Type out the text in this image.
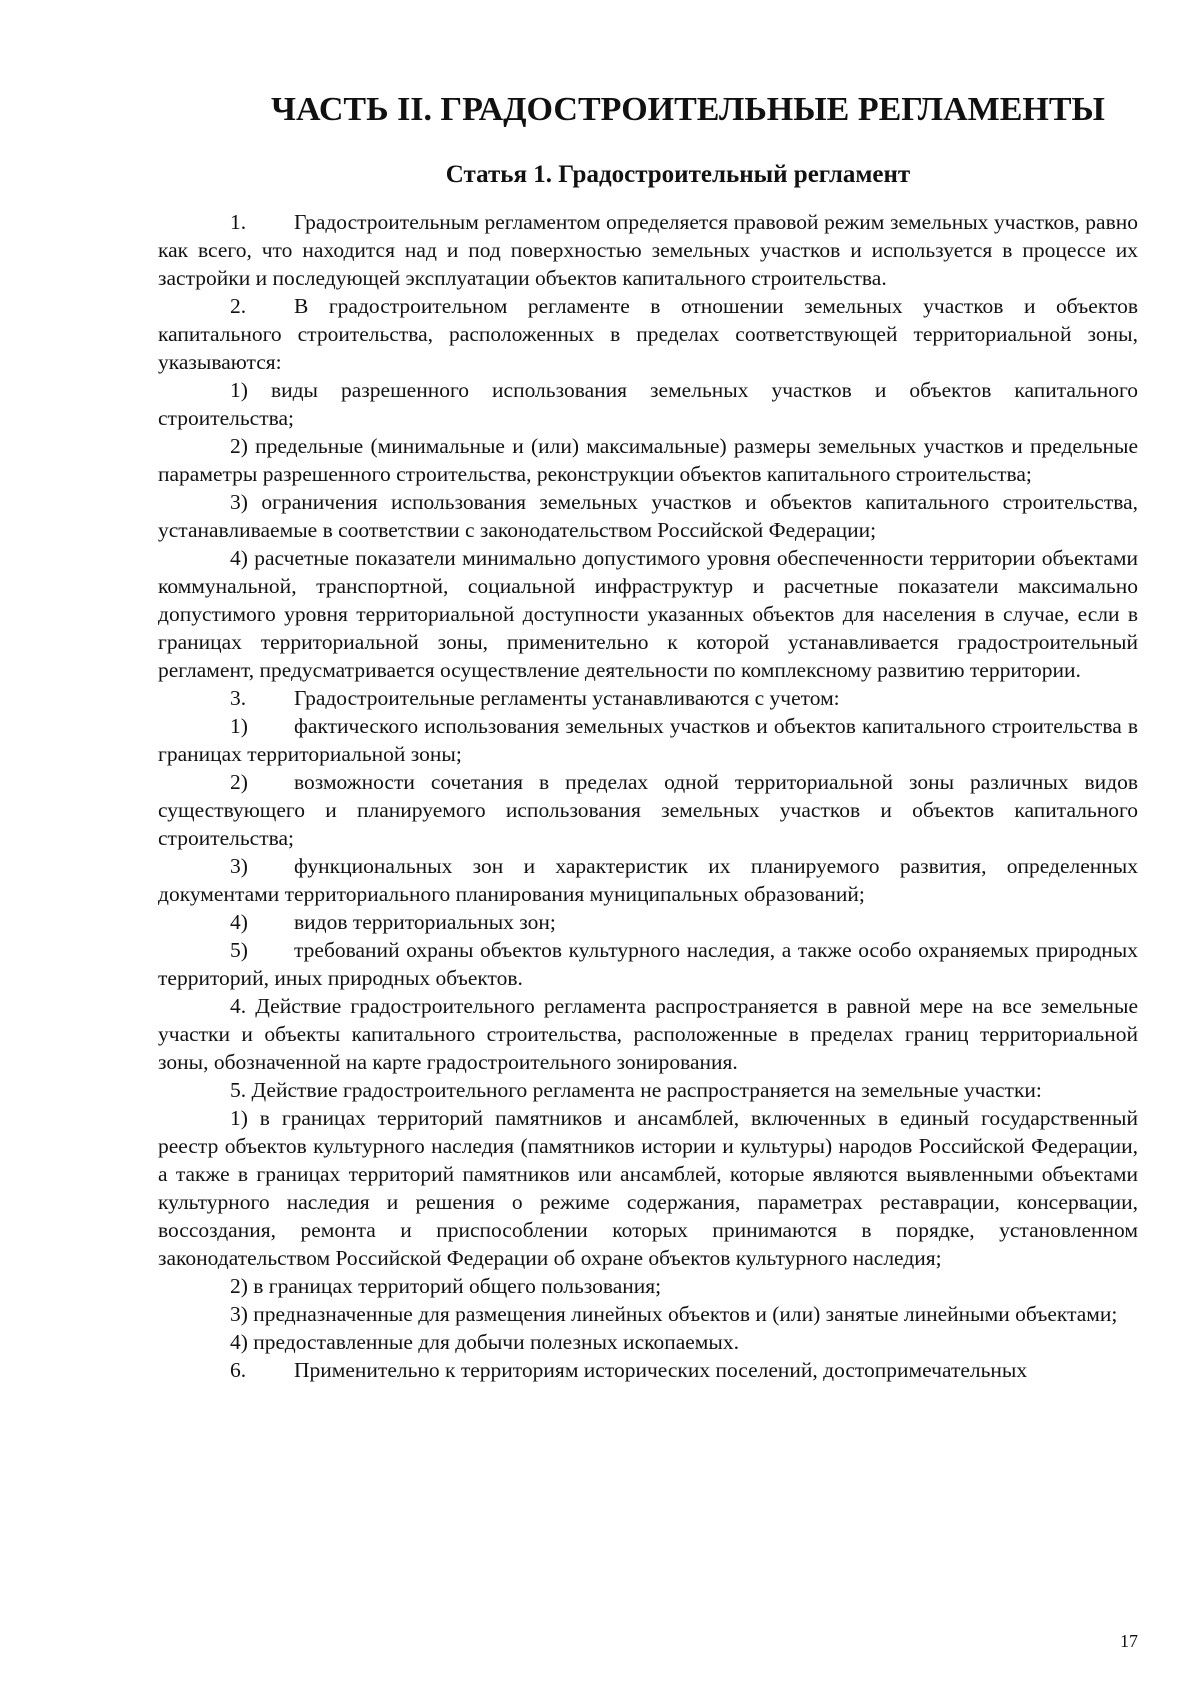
ЧАСТЬ II. ГРАДОСТРОИТЕЛЬНЫЕ РЕГЛАМЕНТЫ
Статья 1. Градостроительный регламент

1. Градостроительным регламентом определяется правовой режим земельных участков, равно как всего, что находится над и под поверхностью земельных участков и используется в процессе их застройки и последующей эксплуатации объектов капитального строительства.

2. В градостроительном регламенте в отношении земельных участков и объектов капитального строительства, расположенных в пределах соответствующей территориальной зоны, указываются:

1) виды разрешенного использования земельных участков и объектов капитального строительства;

2) предельные (минимальные и (или) максимальные) размеры земельных участков и предельные параметры разрешенного строительства, реконструкции объектов капитального строительства;

3) ограничения использования земельных участков и объектов капитального строительства, устанавливаемые в соответствии с законодательством Российской Федерации;

4) расчетные показатели минимально допустимого уровня обеспеченности территории объектами коммунальной, транспортной, социальной инфраструктур и расчетные показатели максимально допустимого уровня территориальной доступности указанных объектов для населения в случае, если в границах территориальной зоны, применительно к которой устанавливается градостроительный регламент, предусматривается осуществление деятельности по комплексному развитию территории.

3. Градостроительные регламенты устанавливаются с учетом:

1) фактического использования земельных участков и объектов капитального строительства в границах территориальной зоны;

2) возможности сочетания в пределах одной территориальной зоны различных видов существующего и планируемого использования земельных участков и объектов капитального строительства;

3) функциональных зон и характеристик их планируемого развития, определенных документами территориального планирования муниципальных образований;

4) видов территориальных зон;

5) требований охраны объектов культурного наследия, а также особо охраняемых природных территорий, иных природных объектов.

4. Действие градостроительного регламента распространяется в равной мере на все земельные участки и объекты капитального строительства, расположенные в пределах границ территориальной зоны, обозначенной на карте градостроительного зонирования.

5. Действие градостроительного регламента не распространяется на земельные участки:

1) в границах территорий памятников и ансамблей, включенных в единый государственный реестр объектов культурного наследия (памятников истории и культуры) народов Российской Федерации, а также в границах территорий памятников или ансамблей, которые являются выявленными объектами культурного наследия и решения о режиме содержания, параметрах реставрации, консервации, воссоздания, ремонта и приспособлении которых принимаются в порядке, установленном законодательством Российской Федерации об охране объектов культурного наследия;

2) в границах территорий общего пользования;

3) предназначенные для размещения линейных объектов и (или) занятые линейными объектами;

4) предоставленные для добычи полезных ископаемых.

6. Применительно к территориям исторических поселений, достопримечательных

17
